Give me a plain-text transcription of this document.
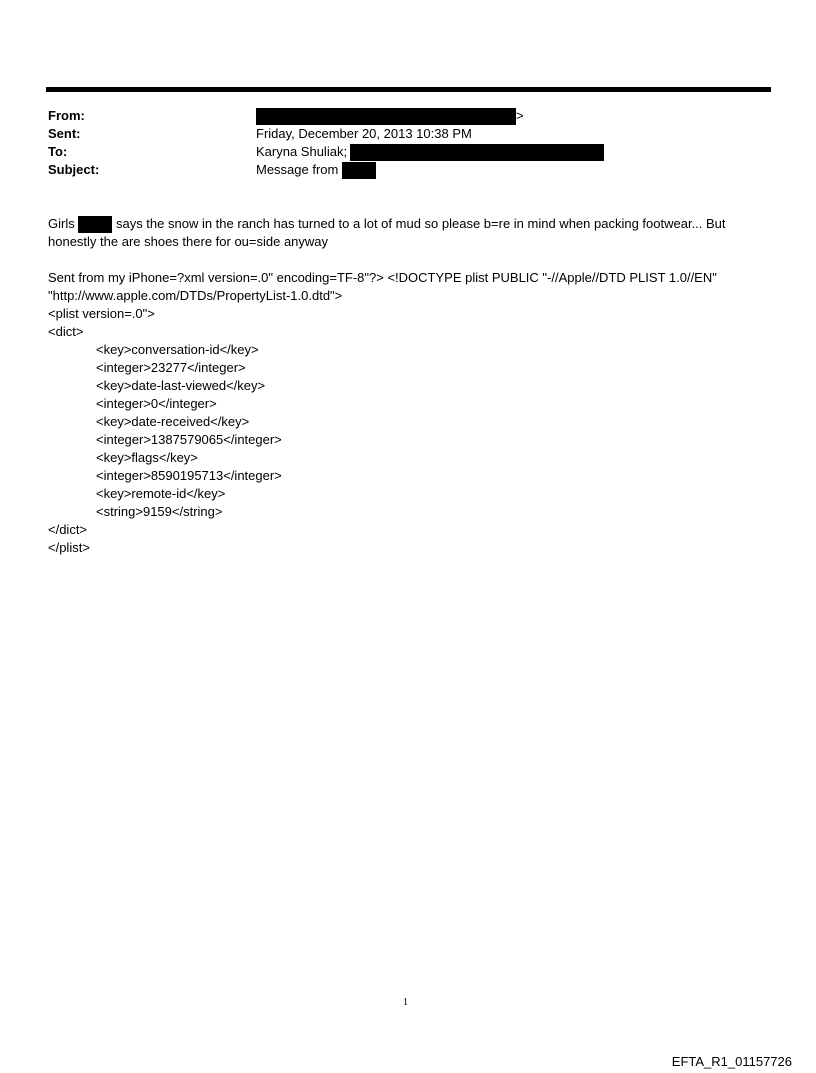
From:
Sent:
To:
Subject:
>
Friday, December 20, 2013 10:38 PM
Karyna Shuliak;
Message from
Girls	says the snow in the ranch has turned to a lot of mud so please b=re in mind when packing footwear... But
honestly the are shoes there for ou=side anyway
Sent from my iPhone=?xml version=.0" encoding=TF-8"?> <!DOCTYPE plist PUBLIC "-//Apple//DTD PLIST 1.0//EN"
"http://www.apple.com/DTDs/PropertyList-1.0.dtd">
<plist version=.0">
<dict>
<key>conversation-id</key>
<integer>23277</integer>
<key>date-last-viewed</key>
<integer>0</integer>
<key>date-received</key>
<integer>1387579065</integer>
<key>flags</key>
<integer>8590195713</integer>
<key>remote-id</key>
<string>9159</string>
</dict>
</plist>
1
EFTA_R1_01157726
